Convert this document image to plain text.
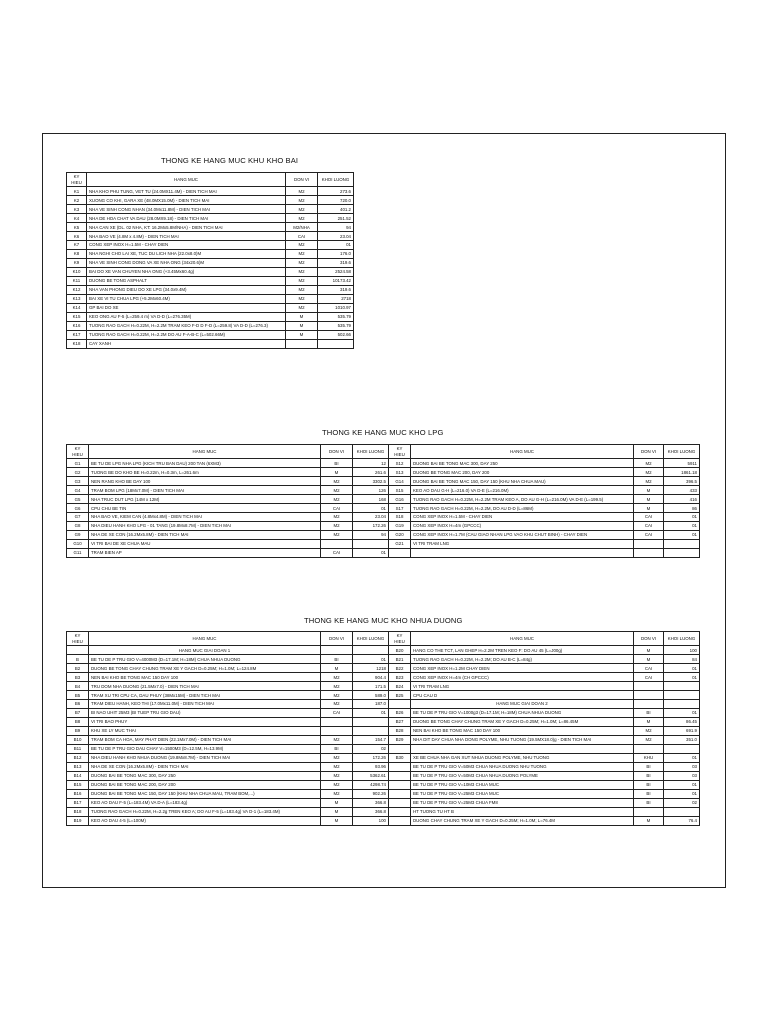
THONG KE HANG MUC KHU KHO BAI
KY HIEU	HANG MUC	DON VI	KHOI LUONG
K1	NHA KHO PHU TUNG, VET TU (24.0MX11.4M) - DIEN TICH MAI	M2	273.6
K2	XUONG CO KHI, GARA XE (48.0MX15.0M) - DIEN TICH MAI	M2	720.0
K3	NHA VE SINH CONG NHAN (34.0Mx11.8M) - DIEN TICH MAI	M2	401.2
K4	NHA DE HOA CHAT VA DAU (28.0MX9.18) - DIEN TICH MAI	M2	251.52
K5	NHA CAN XE (DL. 02 NHA, KT: 16.2Mx5.8M/NHA) - DIEN TICH MAI	M2/NHA	94
K6	NHA BAO VE (4.8M x 4.8M) - DIEN TICH MAI	CAI	23.04
K7	CONG XEP INOX H=1.5M - CHAY DIEN	M2	01
K8	NHA NGHI CHO LAI XE, TUC DU LICH NHA (22.0x8.0)M	M2	176.0
K9	NHA VE SINH CONG DONG VA XE NHA ONG (34x20.6)M	M2	319.6
K10	BAI DO XE VAN CHUYEN NHA ONG (+3.45Mx60.4g)	M2	2524.58
K11	DUONG BE TONG ASPHALT	M2	10173.42
K12	NHA VAN PHONG DIEU DO XE LPG (34.0x9.4M)	M2	319.6
K13	BAI XE VI TU CHUA LPG (+5.2Mx60.4M)	M2	2718
K14	GP BAI DO XE	M2	1010.97
K15	KEO ONG AU F-5 (L=259.4 m) VA D-D (L=276.35M)	M	535.79
K16	TUONG RAO GACH H=0.22M, H=2.2M TRAM KEO F-D D F-D (L=259.8) VA D-D (L=276.3)	M	535.79
K17	TUONG RAO GACH H=0.22M, H=2.2M DO AU F-A-B-C (L=502.66M)	M	502.66
K18	CAY XANH		
THONG KE HANG MUC KHO LPG
KY HIEU	HANG MUC	DON VI	KHOI LUONG	KY HIEU	HANG MUC	DON VI	KHOI LUONG
G1	BE TU DE LPG NHA LPG (KICH TRU BAN DAU) 200 TAN (6XM3)	BI	12	S12	DUONG BAI BE TONG MAC 300, DAY 250	M2	5911
G2	TUONG BE DO KHO BE H=0.22m, H=0.3m, L=261.6m	M	261.6	S13	DUONG BE TONG MAC 200, DAY 200	M2	1861.18
G3	NEN RANG KHO BE DAY 100	M2	3302.5	G14	DUONG BAI BE TONG MAC 150, DAY 150 (KHU NHA CHUA MAU)	M2	396.5
G4	TRAM BOM LPG (18Mx7.0M) - DIEN TICH MAI	M2	126	S15	KEO AO DAU G-H (L=216.0) VA D-E (L=216.0M)	M	433
G5	NHA TRUC DUT LPG (14M x 12M)	M2	168	G16	TUONG RAO GACH H=0.22M, H=2.2M TRAM KEO A, DO AU G-H (L=216.0M) VA D-E (L=199.5)	M	416
G6	CPU CHU BE TIN	CAI	01	S17	TUONG RAO GACH H=0.22M, H=2.2M, DO AU D-D (L=86M)	M	86
G7	NHA BAO VE, KIEM CAN (4.8Mx4.8M) - DIEN TICH MAI	M2	23.04	S18	CONG XEP INOX H=1.5M - CHAY DIEN	CAI	01
G8	NHA DIEU HANH KHO LPG - 01 TANG (19.8Mx8.7M) - DIEN TICH MAI	M2	172.26	G19	CONG XEP INOX H=4m (GPCCC)	CAI	01
G9	NHA DE XE CON (16.2Mx5.8M) - DIEN TICH MAI	M2	94	G20	CONG XEP INOX H=1.7M (CAU GIAO NHAN LPG VAO KHU CHUT BINH) - CHAY DIEN	CAI	01
G10	VI TRI BAI DE XE CHUA MAU			G21	VI TRI TRAM LNG		
G11	TRAM BIEN AP	CAI	01				
THONG KE HANG MUC KHO NHUA DUONG
KY HIEU	HANG MUC	DON VI	KHOI LUONG	KY HIEU	HANG MUC	DON VI	KHOI LUONG
	HANG MUC GIAI DOAN 1			B20	HANG CO THE TCT, LAN GHEP H=2.2M TREN KEO F: DO AU 45 (L=J00g)	M	100
B	BE TU DE P TRU GIO V=4000M3 (D=17.1M; H=18M) CHUA NHUA DUONG	BI	01	B21	TUONG RAO GACH H=0.22M, H=2.2M; DO AU B-C (L=84g)	M	84
B2	DUONG BE TONG CHAY CHUNG TRAM XE Y GACH D=0.25M; H=1.0M; L=124.8M	M	1218	B22	CONG XEP INOX H=1.2M CHAY DIEN	CAI	01
B3	NEN BAI KHO BE TONG MAC 150 DAY 100	M2	904.4	B23	CONG XEP INOX H=4m (CH GPCCC)	CAI	01
B4	TRU DOM NHA DUONG (21.5Mx7.0) - DIEN TICH MAI	M2	171.5	B24	VI TRI TRAM LNG		
B5	TRAM XU TRI CPU CA, DAU PHUY (38Mx15M) - DIEN TICH MAI	M2	589.0	B25	CPU CAU D		
B6	TRAM DIEU HANH, KEO THI (17.0Mx11.0M) - DIEN TICH MAI	M2	187.0		HANG MUC GIAI DOAN 2		
B7	BI NAO UHIT 25M3 (BI TUEP TRU GIO DAU)	CAI	01	B26	BE TU DE P TRU GIO V=1000g3 (D=17.1M; H=18M) CHUA NHUA DUONG	BI	01
B8	VI TRI BAO PHUY			B27	DUONG BE TONG CHAY CHUNG TRAM XE Y GACH D=0.25M; H=1.0M; L=86.45M	M	86.45
B9	KHU XE LY MUC THAI			B28	NEN BAI KHO BE TONG MAC 150 DAY 100	M2	691.9
B10	TRAM BOM CA HOA, MAY PHAT DIEN (22.1Mx7.0M) - DIEN TICH MAI	M2	154.7	B29	NHA DIT DAY CHUA NHA DONG POLYME, NHU TUONG (19.5MX18.0)g - DIEN TICH MAI	M2	351.0
B11	BE TU DE P TRU GIO DAU CHAY V=1500M3 (D=12.5M, H=13.9M)	BI	02				
B12	NHA DIEU HANH KHO NHUA DUONG (19.8Mx8.7M) - DIEN TICH MAI	M2	172.26	B30	XE BE CHUA NHA GAN XUT NHUA DUONG POLYME, NHU TUONG	KHU	01
B13	NHA DE XE CON (16.2Mx5.8M) - DIEN TICH MAI	M2	93.96		BE TU DE P TRU GIO V=50M3 CHUA NHUA DUONG NHU TUONG	BI	03
B14	DUONG BAI BE TONG MAC 300, DAY 250	M2	5362.61		BE TU DE P TRU GIO V=50M3 CHUA NHUA DUONG POLYME	BI	03
B15	DUONG BAI BE TONG MAC 200, DAY 200	M2	4298.74		BE TU DE P TRU GIO V=10M3 CHUA MUC	BI	01
B16	DUONG BAI BE TONG MAC 150, DAY 150 (KHU NHA CHUA MAU, TRAM BOM,...)	M2	902.26		BE TU DE P TRU GIO V=25M3 CHUA MUC	BI	01
B17	KEO AO DAU F-5 (L=183.4M) VA D-A (L=183.4g)	M	366.8		BE TU DE P TRU GIO V=25M3 CHUA FM8	BI	02
B18	TUONG RAO GACH H=0.22M, H=2.2g TREN KEO A; DO AU F-5 (L=183.4g) VA D-1 (L=183.4M)	M	366.8		HT TUONG TU HT B		
B19	KEO AO DAU 4-5 (L=100M)	M	100		DUONG CHAY CHUNG TRAM XE Y GACH D=0.25M; H=1.0M; L=76.4M	M	76.4
